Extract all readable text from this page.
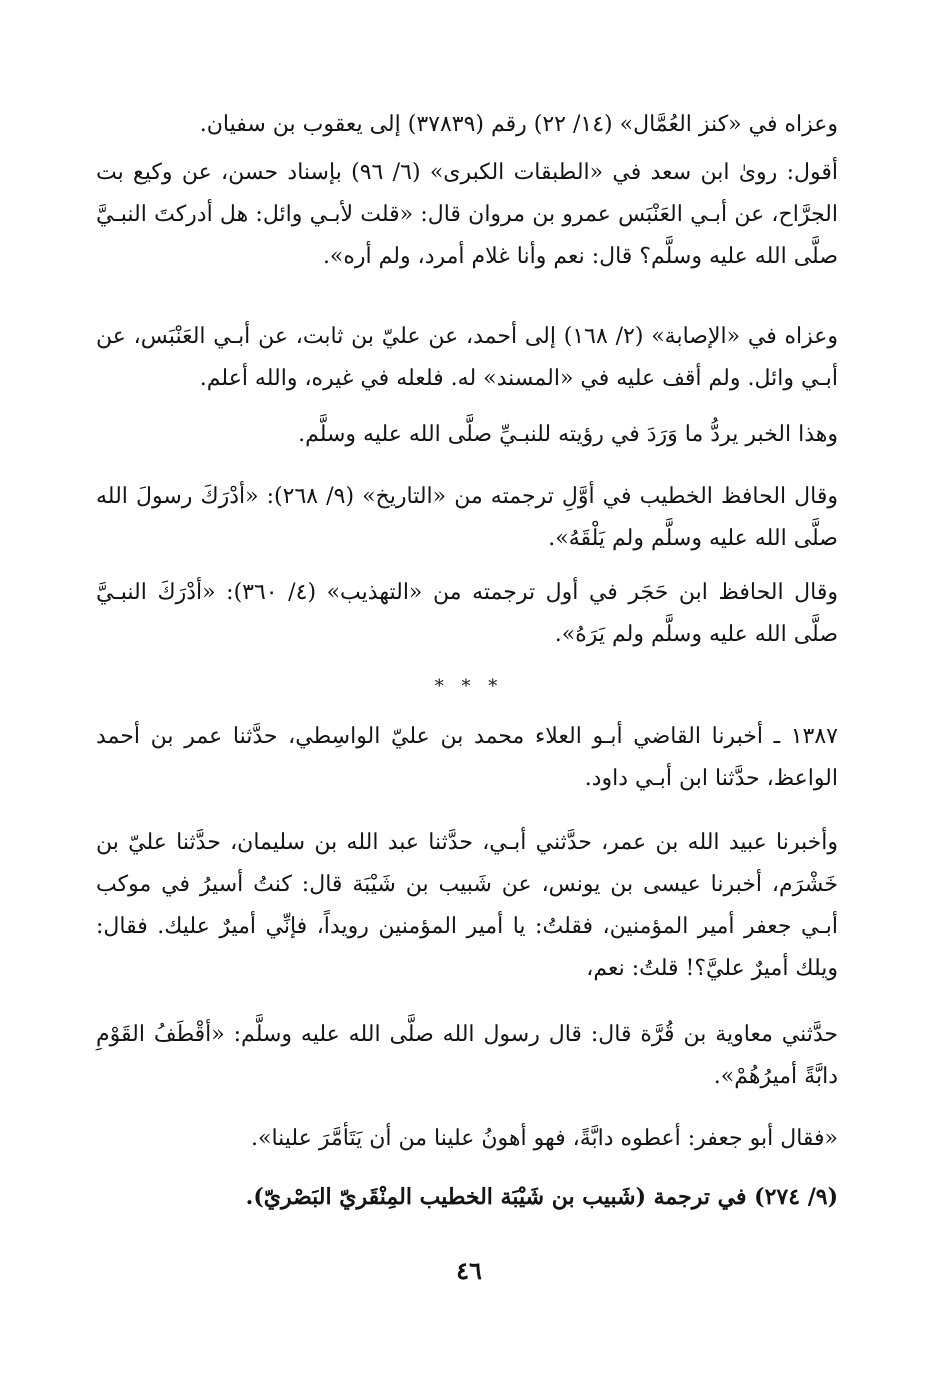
وعزاه في «كنز العُمَّال» (١٤/ ٢٢) رقم (٣٧٨٣٩) إلى يعقوب بن سفيان.

أقول: روىٰ ابن سعد في «الطبقات الكبرى» (٦/ ٩٦) بإسناد حسن، عن وكيع بت الجرَّاح، عن أبـي العَنْبَس عمرو بن مروان قال: «قلت لأبـي وائل: هل أدركتَ النبـيَّ صلَّى الله عليه وسلَّم؟ قال: نعم وأنا غلام أمرد، ولم أره».

وعزاه في «الإصابة» (٢/ ١٦٨) إلى أحمد، عن عليّ بن ثابت، عن أبـي العَنْبَس، عن أبـي وائل. ولم أقف عليه في «المسند» له. فلعله في غيره، والله أعلم.

وهذا الخبر يردُّ ما وَرَدَ في رؤيته للنبـيِّ صلَّى الله عليه وسلَّم.

وقال الحافظ الخطيب في أوَّلِ ترجمته من «التاريخ» (٩/ ٢٦٨): «أدْرَكَ رسولَ الله صلَّى الله عليه وسلَّم ولم يَلْقَهُ».

وقال الحافظ ابن حَجَر في أول ترجمته من «التهذيب» (٤/ ٣٦٠): «أدْرَكَ النبـيَّ صلَّى الله عليه وسلَّم ولم يَرَهُ».

* * *

١٣٨٧ ـ أخبرنا القاضي أبـو العلاء محمد بن عليّ الواسِطي، حدَّثنا عمر بن أحمد الواعظ، حدَّثنا ابن أبـي داود.

وأخبرنا عبيد الله بن عمر، حدَّثني أبـي، حدَّثنا عبد الله بن سليمان، حدَّثنا عليّ بن خَشْرَم، أخبرنا عيسى بن يونس، عن شَبيب بن شَيْبَة قال: كنتُ أسيرُ في موكب أبـي جعفر أمير المؤمنين، فقلتُ: يا أمير المؤمنين رويداً، فإنِّي أميرٌ عليك. فقال: ويلك أميرٌ عليَّ؟! قلتُ: نعم،

حدَّثني معاوية بن قُرَّة قال: قال رسول الله صلَّى الله عليه وسلَّم: «أقْطَفُ القَوْمِ دابَّةً أميرُهُمْ».

«فقال أبو جعفر: أعطوه دابَّةً، فهو أهونُ علينا من أن يَتَأمَّرَ علينا».

(٩/ ٢٧٤) في ترجمة (شَبيب بن شَيْبَة الخطيب المِنْقَريّ البَصْريّ).

٤٦
